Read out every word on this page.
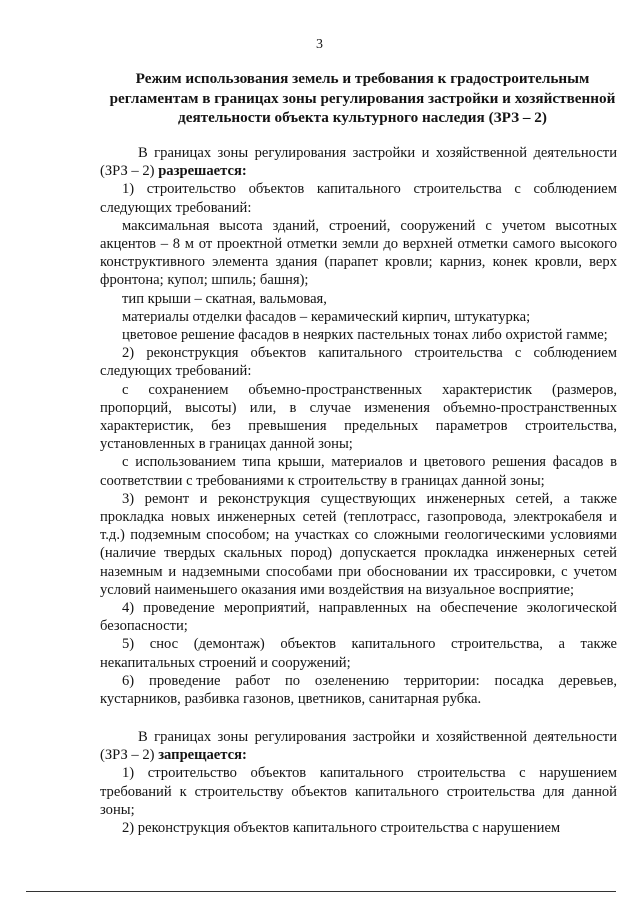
3
Режим использования земель и требования к градостроительным регламентам в границах зоны регулирования застройки и хозяйственной деятельности объекта культурного наследия (ЗРЗ – 2)

В границах зоны регулирования застройки и хозяйственной деятельности (ЗРЗ – 2) разрешается:

1) строительство объектов капитального строительства с соблюдением следующих требований:

максимальная высота зданий, строений, сооружений с учетом высотных акцентов – 8 м от проектной отметки земли до верхней отметки самого высокого конструктивного элемента здания (парапет кровли; карниз, конек кровли, верх фронтона; купол; шпиль; башня);

тип крыши – скатная, вальмовая,

материалы отделки фасадов – керамический кирпич, штукатурка;

цветовое решение фасадов в неярких пастельных тонах либо охристой гамме;

2) реконструкция объектов капитального строительства с соблюдением следующих требований:

с сохранением объемно-пространственных характеристик (размеров, пропорций, высоты) или, в случае изменения объемно-пространственных характеристик, без превышения предельных параметров строительства, установленных в границах данной зоны;

с использованием типа крыши, материалов и цветового решения фасадов в соответствии с требованиями к строительству в границах данной зоны;

3) ремонт и реконструкция существующих инженерных сетей, а также прокладка новых инженерных сетей (теплотрасс, газопровода, электрокабеля и т.д.) подземным способом; на участках со сложными геологическими условиями (наличие твердых скальных пород) допускается прокладка инженерных сетей наземным и надземными способами при обосновании их трассировки, с учетом условий наименьшего оказания ими воздействия на визуальное восприятие;

4) проведение мероприятий, направленных на обеспечение экологической безопасности;

5) снос (демонтаж) объектов капитального строительства, а также некапитальных строений и сооружений;

6) проведение работ по озеленению территории: посадка деревьев, кустарников, разбивка газонов, цветников, санитарная рубка.

В границах зоны регулирования застройки и хозяйственной деятельности (ЗРЗ – 2) запрещается:

1) строительство объектов капитального строительства с нарушением требований к строительству объектов капитального строительства для данной зоны;

2) реконструкция объектов капитального строительства с нарушением
